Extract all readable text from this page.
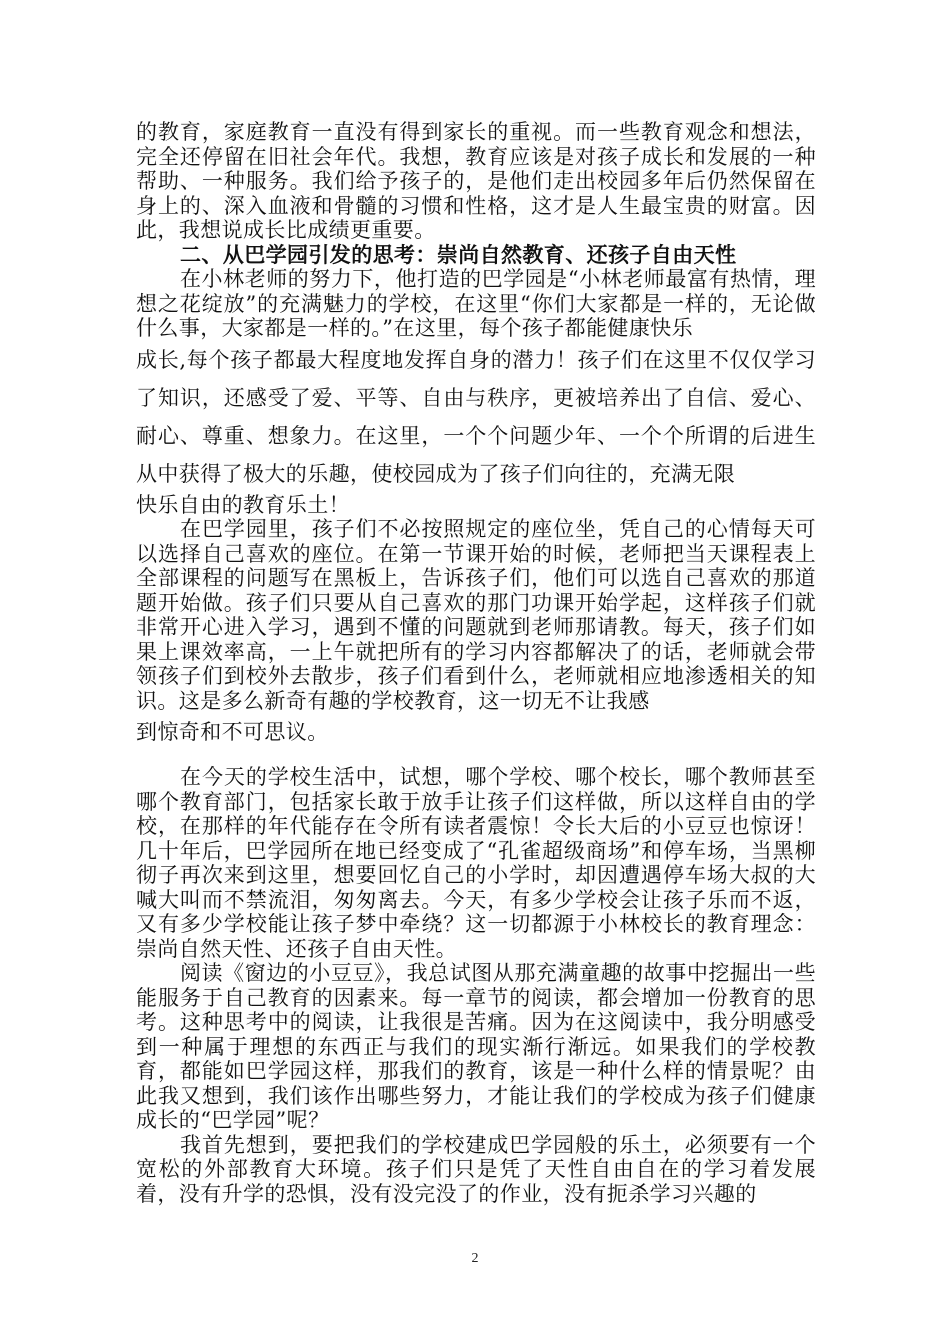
的教育，家庭教育一直没有得到家长的重视。而一些教育观念和想法，完全还停留在旧社会年代。我想，教育应该是对孩子成长和发展的一种帮助、一种服务。我们给予孩子的，是他们走出校园多年后仍然保留在身上的、深入血液和骨髓的习惯和性格，这才是人生最宝贵的财富。因此，我想说成长比成绩更重要。

二、从巴学园引发的思考：崇尚自然教育、还孩子自由天性

在小林老师的努力下，他打造的巴学园是“小林老师最富有热情，理想之花绽放”的充满魅力的学校，在这里“你们大家都是一样的，无论做什么事，大家都是一样的。”在这里，每个孩子都能健康快乐

成长,每个孩子都最大程度地发挥自身的潜力！孩子们在这里不仅仅学习了知识，还感受了爱、平等、自由与秩序，更被培养出了自信、爱心、耐心、尊重、想象力。在这里，一个个问题少年、一个个所谓的后进生从中获得了极大的乐趣，使校园成为了孩子们向往的，充满无限

快乐自由的教育乐土！

在巴学园里，孩子们不必按照规定的座位坐，凭自己的心情每天可以选择自己喜欢的座位。在第一节课开始的时候，老师把当天课程表上全部课程的问题写在黑板上，告诉孩子们，他们可以选自己喜欢的那道题开始做。孩子们只要从自己喜欢的那门功课开始学起，这样孩子们就非常开心进入学习，遇到不懂的问题就到老师那请教。每天，孩子们如果上课效率高，一上午就把所有的学习内容都解决了的话，老师就会带领孩子们到校外去散步，孩子们看到什么，老师就相应地渗透相关的知识。这是多么新奇有趣的学校教育，这一切无不让我感

到惊奇和不可思议。

在今天的学校生活中，试想，哪个学校、哪个校长，哪个教师甚至哪个教育部门，包括家长敢于放手让孩子们这样做，所以这样自由的学校，在那样的年代能存在令所有读者震惊！令长大后的小豆豆也惊讶！几十年后，巴学园所在地已经变成了“孔雀超级商场”和停车场，当黑柳彻子再次来到这里，想要回忆自己的小学时，却因遭遇停车场大叔的大喊大叫而不禁流泪，匆匆离去。今天，有多少学校会让孩子乐而不返，又有多少学校能让孩子梦中牵绕？这一切都源于小林校长的教育理念：崇尚自然天性、还孩子自由天性。

阅读《窗边的小豆豆》，我总试图从那充满童趣的故事中挖掘出一些能服务于自己教育的因素来。每一章节的阅读，都会增加一份教育的思考。这种思考中的阅读，让我很是苦痛。因为在这阅读中，我分明感受到一种属于理想的东西正与我们的现实渐行渐远。如果我们的学校教育，都能如巴学园这样，那我们的教育，该是一种什么样的情景呢？由此我又想到，我们该作出哪些努力，才能让我们的学校成为孩子们健康成长的“巴学园”呢？

我首先想到，要把我们的学校建成巴学园般的乐土，必须要有一个宽松的外部教育大环境。孩子们只是凭了天性自由自在的学习着发展着，没有升学的恐惧，没有没完没了的作业，没有扼杀学习兴趣的

2
